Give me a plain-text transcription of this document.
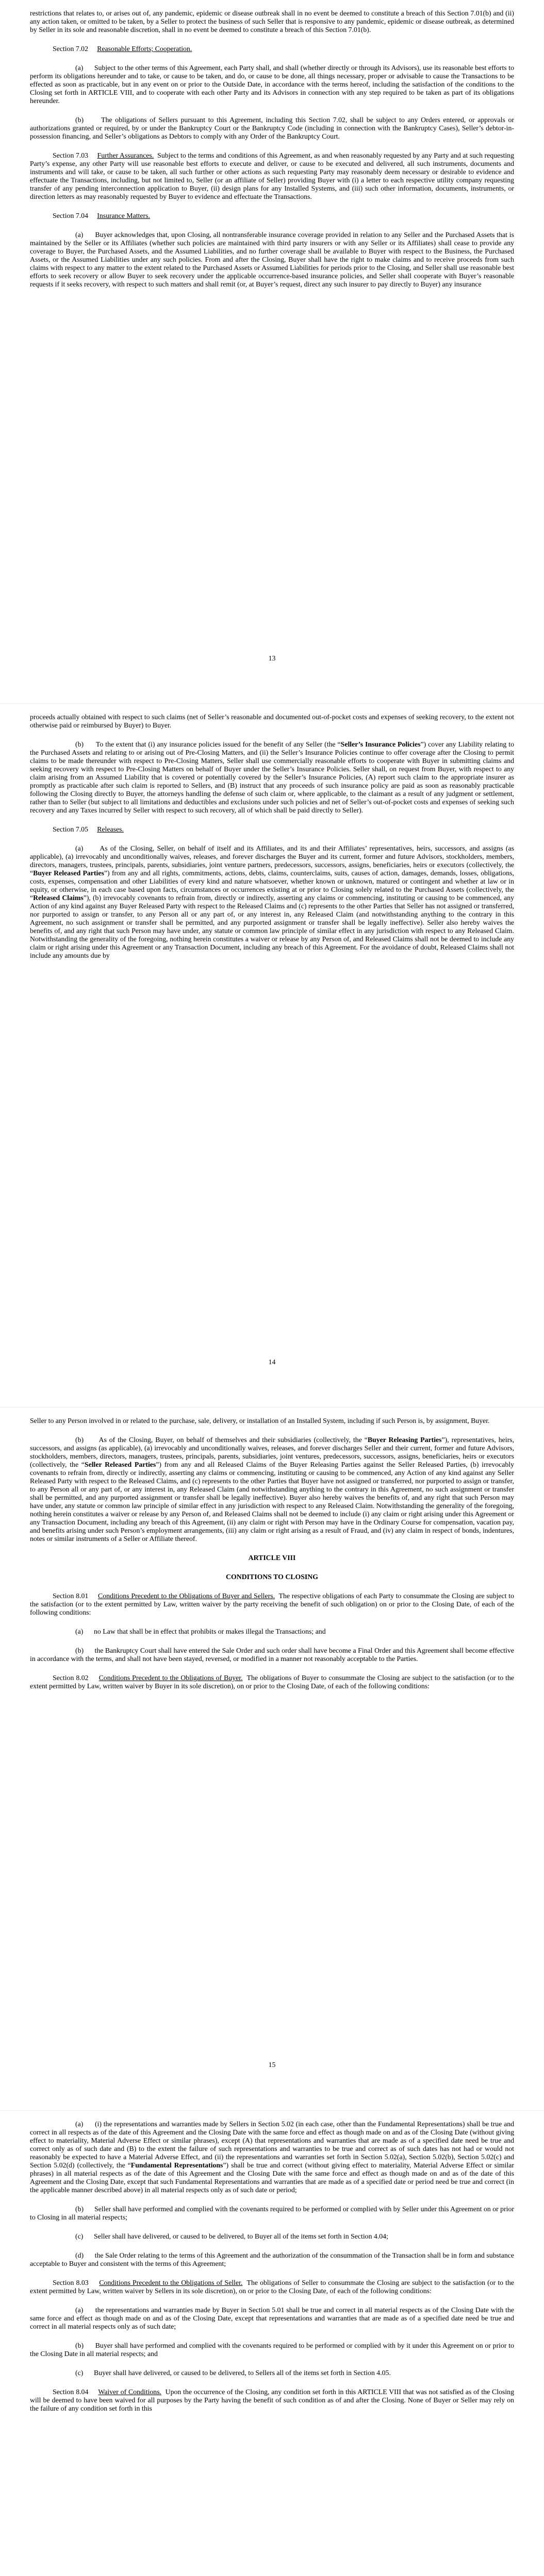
restrictions that relates to, or arises out of, any pandemic, epidemic or disease outbreak shall in no event be deemed to constitute a breach of this Section 7.01(b) and (ii) any action taken, or omitted to be taken, by a Seller to protect the business of such Seller that is responsive to any pandemic, epidemic or disease outbreak, as determined by Seller in its sole and reasonable discretion, shall in no event be deemed to constitute a breach of this Section 7.01(b).

Section 7.02 Reasonable Efforts; Cooperation.

(a) Subject to the other terms of this Agreement, each Party shall, and shall (whether directly or through its Advisors), use its reasonable best efforts to perform its obligations hereunder and to take, or cause to be taken, and do, or cause to be done, all things necessary, proper or advisable to cause the Transactions to be effected as soon as practicable, but in any event on or prior to the Outside Date, in accordance with the terms hereof, including the satisfaction of the conditions to the Closing set forth in ARTICLE VIII, and to cooperate with each other Party and its Advisors in connection with any step required to be taken as part of its obligations hereunder.

(b) The obligations of Sellers pursuant to this Agreement, including this Section 7.02, shall be subject to any Orders entered, or approvals or authorizations granted or required, by or under the Bankruptcy Court or the Bankruptcy Code (including in connection with the Bankruptcy Cases), Seller’s debtor-in-possession financing, and Seller’s obligations as Debtors to comply with any Order of the Bankruptcy Court.

Section 7.03 Further Assurances. Subject to the terms and conditions of this Agreement, as and when reasonably requested by any Party and at such requesting Party’s expense, any other Party will use reasonable best efforts to execute and deliver, or cause to be executed and delivered, all such instruments, documents and instruments and will take, or cause to be taken, all such further or other actions as such requesting Party may reasonably deem necessary or desirable to evidence and effectuate the Transactions, including, but not limited to, Seller (or an affiliate of Seller) providing Buyer with (i) a letter to each respective utility company requesting transfer of any pending interconnection application to Buyer, (ii) design plans for any Installed Systems, and (iii) such other information, documents, instruments, or direction letters as may reasonably requested by Buyer to evidence and effectuate the Transactions.

Section 7.04 Insurance Matters.

(a) Buyer acknowledges that, upon Closing, all nontransferable insurance coverage provided in relation to any Seller and the Purchased Assets that is maintained by the Seller or its Affiliates (whether such policies are maintained with third party insurers or with any Seller or its Affiliates) shall cease to provide any coverage to Buyer, the Purchased Assets, and the Assumed Liabilities, and no further coverage shall be available to Buyer with respect to the Business, the Purchased Assets, or the Assumed Liabilities under any such policies. From and after the Closing, Buyer shall have the right to make claims and to receive proceeds from such claims with respect to any matter to the extent related to the Purchased Assets or Assumed Liabilities for periods prior to the Closing, and Seller shall use reasonable best efforts to seek recovery or allow Buyer to seek recovery under the applicable occurrence-based insurance policies, and Seller shall cooperate with Buyer’s reasonable requests if it seeks recovery, with respect to such matters and shall remit (or, at Buyer’s request, direct any such insurer to pay directly to Buyer) any insurance

13

proceeds actually obtained with respect to such claims (net of Seller’s reasonable and documented out-of-pocket costs and expenses of seeking recovery, to the extent not otherwise paid or reimbursed by Buyer) to Buyer.

(b) To the extent that (i) any insurance policies issued for the benefit of any Seller (the “Seller’s Insurance Policies”) cover any Liability relating to the Purchased Assets and relating to or arising out of Pre-Closing Matters, and (ii) the Seller’s Insurance Policies continue to offer coverage after the Closing to permit claims to be made thereunder with respect to Pre-Closing Matters, Seller shall use commercially reasonable efforts to cooperate with Buyer in submitting claims and seeking recovery with respect to Pre-Closing Matters on behalf of Buyer under the Seller’s Insurance Policies. Seller shall, on request from Buyer, with respect to any claim arising from an Assumed Liability that is covered or potentially covered by the Seller’s Insurance Policies, (A) report such claim to the appropriate insurer as promptly as practicable after such claim is reported to Sellers, and (B) instruct that any proceeds of such insurance policy are paid as soon as reasonably practicable following the Closing directly to Buyer, the attorneys handling the defense of such claim or, where applicable, to the claimant as a result of any judgment or settlement, rather than to Seller (but subject to all limitations and deductibles and exclusions under such policies and net of Seller’s out-of-pocket costs and expenses of seeking such recovery and any Taxes incurred by Seller with respect to such recovery, all of which shall be paid directly to Seller).

Section 7.05 Releases.

(a) As of the Closing, Seller, on behalf of itself and its Affiliates, and its and their Affiliates’ representatives, heirs, successors, and assigns (as applicable), (a) irrevocably and unconditionally waives, releases, and forever discharges the Buyer and its current, former and future Advisors, stockholders, members, directors, managers, trustees, principals, parents, subsidiaries, joint venture partners, predecessors, successors, assigns, beneficiaries, heirs or executors (collectively, the “Buyer Released Parties”) from any and all rights, commitments, actions, debts, claims, counterclaims, suits, causes of action, damages, demands, losses, obligations, costs, expenses, compensation and other Liabilities of every kind and nature whatsoever, whether known or unknown, matured or contingent and whether at law or in equity, or otherwise, in each case based upon facts, circumstances or occurrences existing at or prior to Closing solely related to the Purchased Assets (collectively, the “Released Claims”), (b) irrevocably covenants to refrain from, directly or indirectly, asserting any claims or commencing, instituting or causing to be commenced, any Action of any kind against any Buyer Released Party with respect to the Released Claims and (c) represents to the other Parties that Seller has not assigned or transferred, nor purported to assign or transfer, to any Person all or any part of, or any interest in, any Released Claim (and notwithstanding anything to the contrary in this Agreement, no such assignment or transfer shall be permitted, and any purported assignment or transfer shall be legally ineffective). Seller also hereby waives the benefits of, and any right that such Person may have under, any statute or common law principle of similar effect in any jurisdiction with respect to any Released Claim. Notwithstanding the generality of the foregoing, nothing herein constitutes a waiver or release by any Person of, and Released Claims shall not be deemed to include any claim or right arising under this Agreement or any Transaction Document, including any breach of this Agreement. For the avoidance of doubt, Released Claims shall not include any amounts due by

14

Seller to any Person involved in or related to the purchase, sale, delivery, or installation of an Installed System, including if such Person is, by assignment, Buyer.

(b) As of the Closing, Buyer, on behalf of themselves and their subsidiaries (collectively, the “Buyer Releasing Parties”), representatives, heirs, successors, and assigns (as applicable), (a) irrevocably and unconditionally waives, releases, and forever discharges Seller and their current, former and future Advisors, stockholders, members, directors, managers, trustees, principals, parents, subsidiaries, joint ventures, predecessors, successors, assigns, beneficiaries, heirs or executors (collectively, the “Seller Released Parties”) from any and all Released Claims of the Buyer Releasing Parties against the Seller Released Parties, (b) irrevocably covenants to refrain from, directly or indirectly, asserting any claims or commencing, instituting or causing to be commenced, any Action of any kind against any Seller Released Party with respect to the Released Claims, and (c) represents to the other Parties that Buyer have not assigned or transferred, nor purported to assign or transfer, to any Person all or any part of, or any interest in, any Released Claim (and notwithstanding anything to the contrary in this Agreement, no such assignment or transfer shall be permitted, and any purported assignment or transfer shall be legally ineffective). Buyer also hereby waives the benefits of, and any right that such Person may have under, any statute or common law principle of similar effect in any jurisdiction with respect to any Released Claim. Notwithstanding the generality of the foregoing, nothing herein constitutes a waiver or release by any Person of, and Released Claims shall not be deemed to include (i) any claim or right arising under this Agreement or any Transaction Document, including any breach of this Agreement, (ii) any claim or right with Person may have in the Ordinary Course for compensation, vacation pay, and benefits arising under such Person’s employment arrangements, (iii) any claim or right arising as a result of Fraud, and (iv) any claim in respect of bonds, indentures, notes or similar instruments of a Seller or Affiliate thereof.

ARTICLE VIII

CONDITIONS TO CLOSING

Section 8.01 Conditions Precedent to the Obligations of Buyer and Sellers. The respective obligations of each Party to consummate the Closing are subject to the satisfaction (or to the extent permitted by Law, written waiver by the party receiving the benefit of such obligation) on or prior to the Closing Date, of each of the following conditions:

(a) no Law that shall be in effect that prohibits or makes illegal the Transactions; and

(b) the Bankruptcy Court shall have entered the Sale Order and such order shall have become a Final Order and this Agreement shall become effective in accordance with the terms, and shall not have been stayed, reversed, or modified in a manner not reasonably acceptable to the Parties.

Section 8.02 Conditions Precedent to the Obligations of Buyer. The obligations of Buyer to consummate the Closing are subject to the satisfaction (or to the extent permitted by Law, written waiver by Buyer in its sole discretion), on or prior to the Closing Date, of each of the following conditions:

15

(a) (i) the representations and warranties made by Sellers in Section 5.02 (in each case, other than the Fundamental Representations) shall be true and correct in all respects as of the date of this Agreement and the Closing Date with the same force and effect as though made on and as of the Closing Date (without giving effect to materiality, Material Adverse Effect or similar phrases), except (A) that representations and warranties that are made as of a specified date need be true and correct only as of such date and (B) to the extent the failure of such representations and warranties to be true and correct as of such dates has not had or would not reasonably be expected to have a Material Adverse Effect, and (ii) the representations and warranties set forth in Section 5.02(a), Section 5.02(b), Section 5.02(c) and Section 5.02(d) (collectively, the “Fundamental Representations”) shall be true and correct (without giving effect to materiality, Material Adverse Effect or similar phrases) in all material respects as of the date of this Agreement and the Closing Date with the same force and effect as though made on and as of the date of this Agreement and the Closing Date, except that such Fundamental Representations and warranties that are made as of a specified date or period need be true and correct (in the applicable manner described above) in all material respects only as of such date or period;

(b) Seller shall have performed and complied with the covenants required to be performed or complied with by Seller under this Agreement on or prior to Closing in all material respects;

(c) Seller shall have delivered, or caused to be delivered, to Buyer all of the items set forth in Section 4.04;

(d) the Sale Order relating to the terms of this Agreement and the authorization of the consummation of the Transaction shall be in form and substance acceptable to Buyer and consistent with the terms of this Agreement;

Section 8.03 Conditions Precedent to the Obligations of Seller. The obligations of Seller to consummate the Closing are subject to the satisfaction (or to the extent permitted by Law, written waiver by Sellers in its sole discretion), on or prior to the Closing Date, of each of the following conditions:

(a) the representations and warranties made by Buyer in Section 5.01 shall be true and correct in all material respects as of the Closing Date with the same force and effect as though made on and as of the Closing Date, except that representations and warranties that are made as of a specified date need be true and correct in all material respects only as of such date;

(b) Buyer shall have performed and complied with the covenants required to be performed or complied with by it under this Agreement on or prior to the Closing Date in all material respects; and

(c) Buyer shall have delivered, or caused to be delivered, to Sellers all of the items set forth in Section 4.05.

Section 8.04 Waiver of Conditions. Upon the occurrence of the Closing, any condition set forth in this ARTICLE VIII that was not satisfied as of the Closing will be deemed to have been waived for all purposes by the Party having the benefit of such condition as of and after the Closing. None of Buyer or Seller may rely on the failure of any condition set forth in this
